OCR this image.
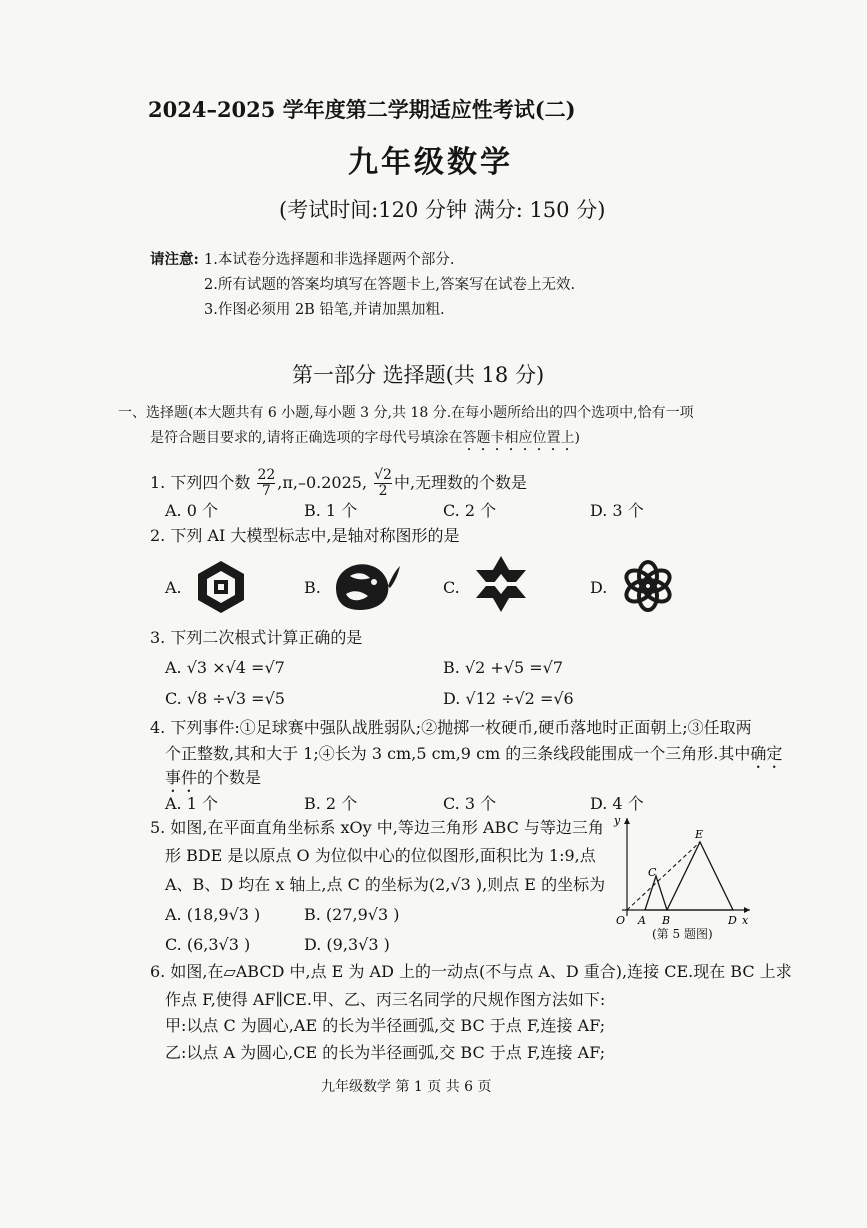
2024–2025 学年度第二学期适应性考试(二)
九年级数学
(考试时间:120 分钟 满分: 150 分)
请注意: 1.本试卷分选择题和非选择题两个部分.
2.所有试题的答案均填写在答题卡上,答案写在试卷上无效.
3.作图必须用 2B 铅笔,并请加黑加粗.
第一部分 选择题(共 18 分)
一、选择题(本大题共有 6 小题,每小题 3 分,共 18 分.在每小题所给出的四个选项中,恰有一项
是符合题目要求的,请将正确选项的字母代号填涂在答题卡相应位置上)
1. 下列四个数 $\frac{22}{7} ,\pi,-0.2025$, $\frac{√2}{2}$ 中,无理数的个数是
A. 0 个	B. 1 个	C. 2 个	D. 3 个
2. 下列 AI 大模型标志中,是轴对称图形的是
A.	B.	C.	D.
3. 下列二次根式计算正确的是
A. √3 ×√4 =√7	B. √2 +√5 =√7
C. √8 ÷√3 =√5	D. √12 ÷√2 =√6
4. 下列事件:①足球赛中强队战胜弱队;②抛掷一枚硬币,硬币落地时正面朝上;③任取两
个正整数,其和大于 1;④长为 3 cm,5 cm,9 cm 的三条线段能围成一个三角形.其中确定
事件的个数是
A. 1 个	B. 2 个	C. 3 个	D. 4 个
5. 如图,在平面直角坐标系 xOy 中,等边三角形 ABC 与等边三角
形 BDE 是以原点 O 为位似中心的位似图形,面积比为 1:9,点
A、B、D 均在 x 轴上,点 C 的坐标为(2,√3 ),则点 E 的坐标为
A. (18,9√3 )	B. (27,9√3 )
C. (6,3√3 )	D. (9,3√3 )
y
x
O A B
C
D
E
(第 5 题图)
6. 如图,在▱ABCD 中,点 E 为 AD 上的一动点(不与点 A、D 重合),连接 CE.现在 BC 上求
作点 F,使得 AF∥CE.甲、乙、丙三名同学的尺规作图方法如下:
甲:以点 C 为圆心,AE 的长为半径画弧,交 BC 于点 F,连接 AF;
乙:以点 A 为圆心,CE 的长为半径画弧,交 BC 于点 F,连接 AF;
九年级数学 第 1 页 共 6 页
